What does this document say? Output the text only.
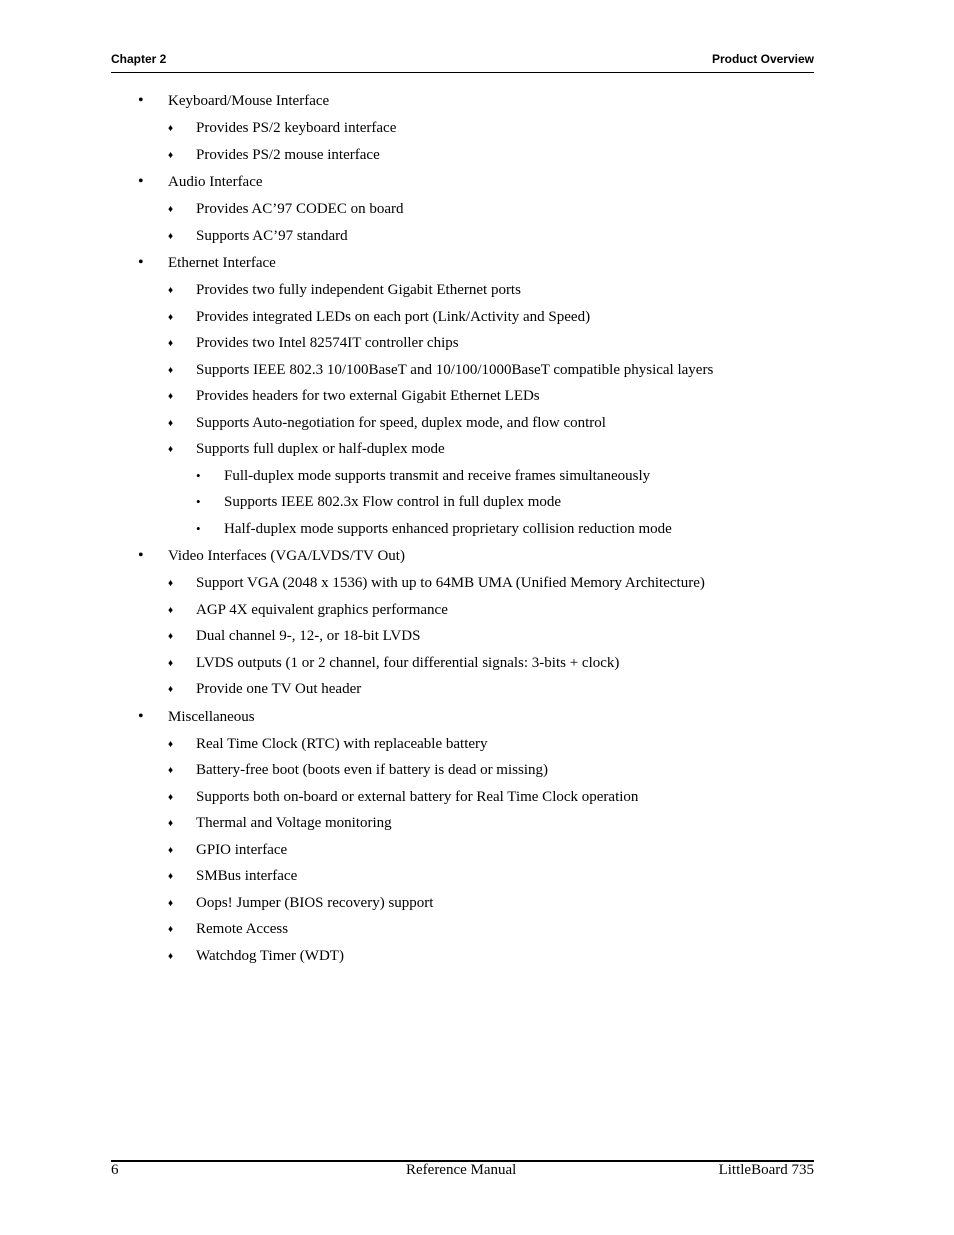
Chapter 2	Product Overview
• Keyboard/Mouse Interface
♦ Provides PS/2 keyboard interface
♦ Provides PS/2 mouse interface
• Audio Interface
♦ Provides AC’97 CODEC on board
♦ Supports AC’97 standard
• Ethernet Interface
♦ Provides two fully independent Gigabit Ethernet ports
♦ Provides integrated LEDs on each port (Link/Activity and Speed)
♦ Provides two Intel 82574IT controller chips
♦ Supports IEEE 802.3 10/100BaseT and 10/100/1000BaseT compatible physical layers
♦ Provides headers for two external Gigabit Ethernet LEDs
♦ Supports Auto-negotiation for speed, duplex mode, and flow control
♦ Supports full duplex or half-duplex mode
• Full-duplex mode supports transmit and receive frames simultaneously
• Supports IEEE 802.3x Flow control in full duplex mode
• Half-duplex mode supports enhanced proprietary collision reduction mode
• Video Interfaces (VGA/LVDS/TV Out)
♦ Support VGA (2048 x 1536) with up to 64MB UMA (Unified Memory Architecture)
♦ AGP 4X equivalent graphics performance
♦ Dual channel 9-, 12-, or 18-bit LVDS
♦ LVDS outputs (1 or 2 channel, four differential signals: 3-bits + clock)
♦ Provide one TV Out header
• Miscellaneous
♦ Real Time Clock (RTC) with replaceable battery
♦ Battery-free boot (boots even if battery is dead or missing)
♦ Supports both on-board or external battery for Real Time Clock operation
♦ Thermal and Voltage monitoring
♦ GPIO interface
♦ SMBus interface
♦ Oops! Jumper (BIOS recovery) support
♦ Remote Access
♦ Watchdog Timer (WDT)
6	Reference Manual	LittleBoard 735
